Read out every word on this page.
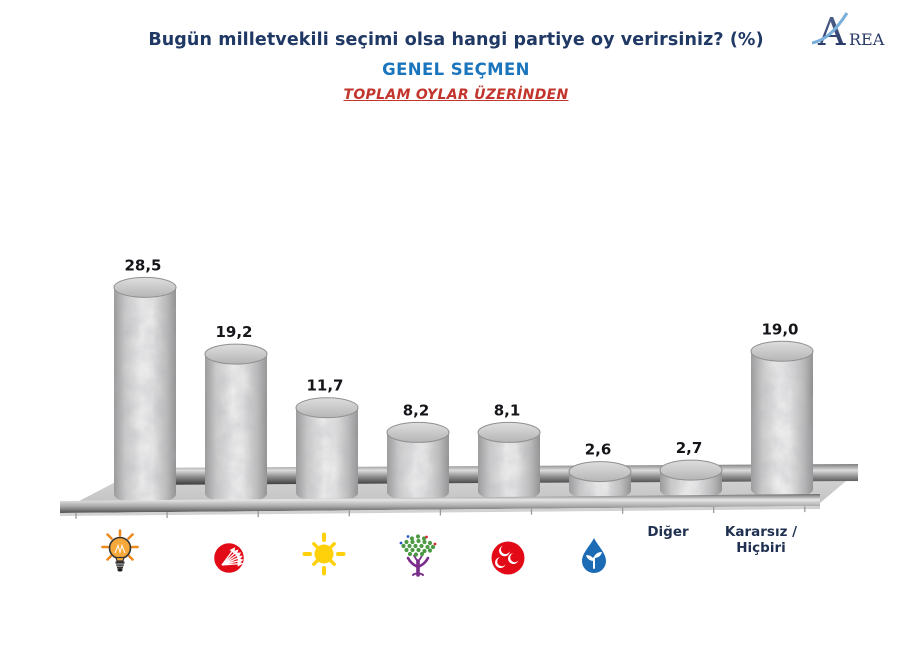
Bugün milletvekili seçimi olsa hangi partiye oy verirsiniz? (%)
GENEL SEÇMEN
TOPLAM OYLAR ÜZERİNDEN
A REA
28,5
19,2
11,7
8,2	8,1
2,6	2,7
19,0
Diğer	Kararsız /
Hiçbiri
